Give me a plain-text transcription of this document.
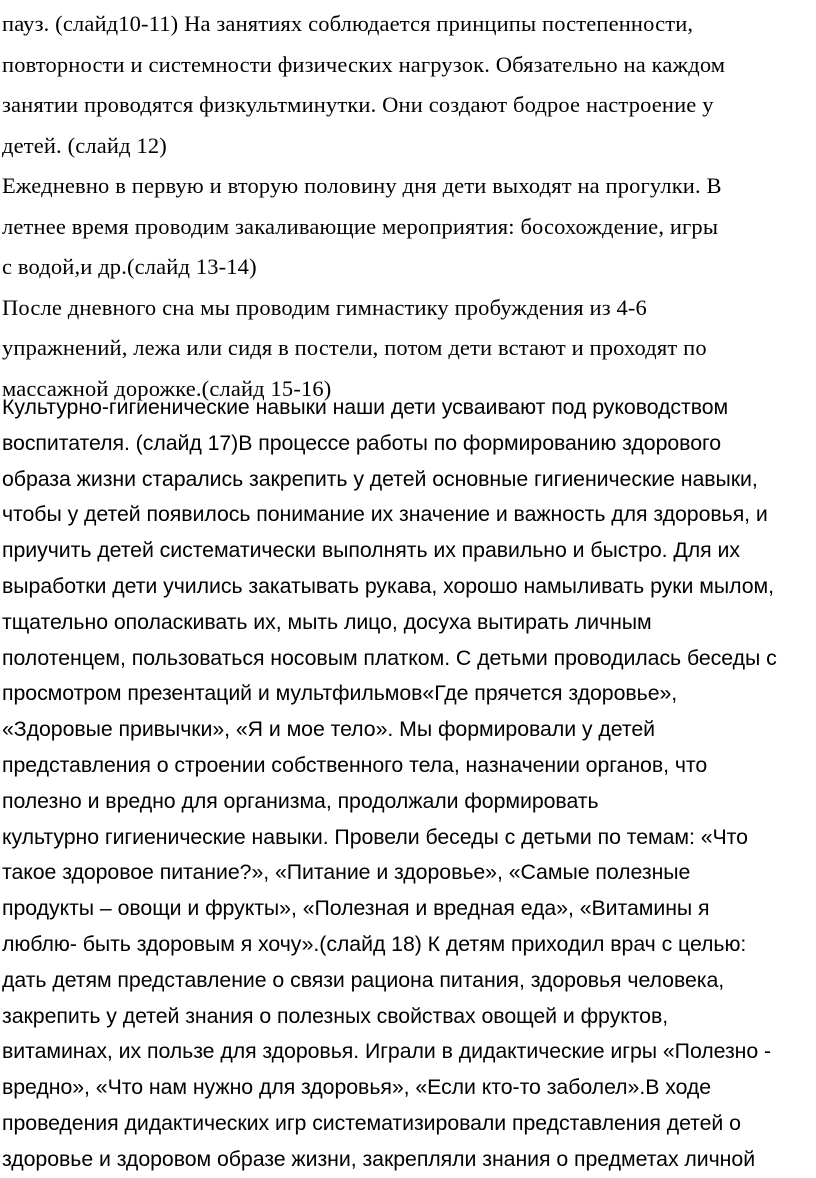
пауз. (слайд10-11) На занятиях соблюдается принципы постепенности,
повторности и системности физических нагрузок. Обязательно на каждом
занятии проводятся физкультминутки. Они создают бодрое настроение у
детей. (слайд 12)
Ежедневно в первую и вторую половину дня дети выходят на прогулки. В
летнее время проводим закаливающие мероприятия: босохождение, игры
с водой,и др.(слайд 13-14)
После дневного сна мы проводим гимнастику пробуждения из 4-6
упражнений, лежа или сидя в постели, потом дети встают и проходят по
массажной дорожке.(слайд 15-16)
Культурно-гигиенические навыки наши дети усваивают под руководством
воспитателя. (слайд 17)В процессе работы по формированию здорового
образа жизни старались закрепить у детей основные гигиенические навыки,
чтобы у детей появилось понимание их значение и важность для здоровья, и
приучить детей систематически выполнять их правильно и быстро. Для их
выработки дети учились закатывать рукава, хорошо намыливать руки мылом,
тщательно ополаскивать их, мыть лицо, досуха вытирать личным
полотенцем, пользоваться носовым платком. С детьми проводилась беседы с
просмотром презентаций и мультфильмов«Где прячется здоровье»,
«Здоровые привычки», «Я и мое тело». Мы формировали у детей
представления о строении собственного тела, назначении органов, что
полезно и вредно для организма, продолжали формировать
культурно гигиенические навыки. Провели беседы с детьми по темам: «Что
такое здоровое питание?», «Питание и здоровье», «Самые полезные
продукты – овощи и фрукты», «Полезная и вредная еда», «Витамины я
люблю- быть здоровым я хочу».(слайд 18) К детям приходил врач с целью:
дать детям представление о связи рациона питания, здоровья человека,
закрепить у детей знания о полезных свойствах овощей и фруктов,
витаминах, их пользе для здоровья. Играли в дидактические игры «Полезно -
вредно», «Что нам нужно для здоровья», «Если кто-то заболел».В ходе
проведения дидактических игр систематизировали представления детей о
здоровье и здоровом образе жизни, закрепляли знания о предметах личной
